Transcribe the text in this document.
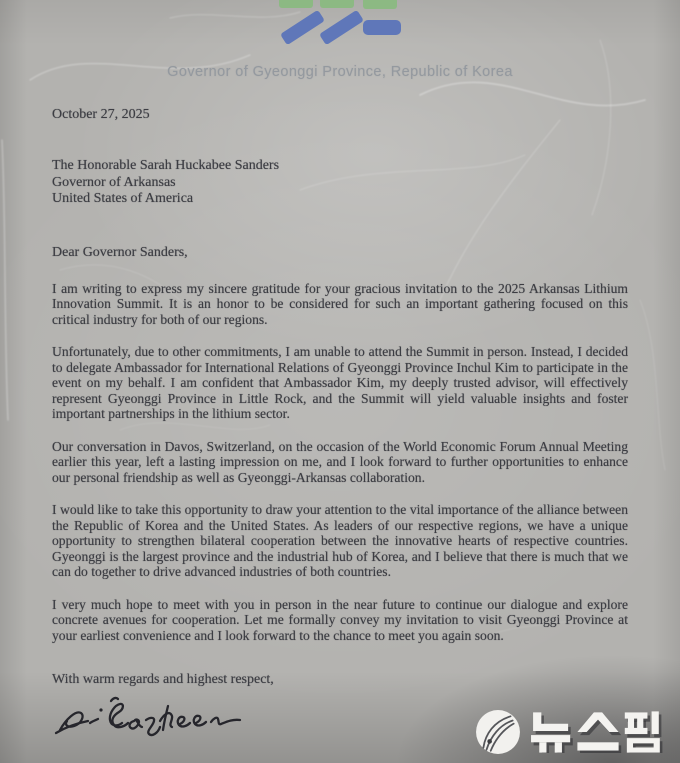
Governor of Gyeonggi Province, Republic of Korea
October 27, 2025
The Honorable Sarah Huckabee Sanders
Governor of Arkansas
United States of America
Dear Governor Sanders,
I am writing to express my sincere gratitude for your gracious invitation to the 2025 Arkansas Lithium Innovation Summit. It is an honor to be considered for such an important gathering focused on this critical industry for both of our regions.
Unfortunately, due to other commitments, I am unable to attend the Summit in person. Instead, I decided to delegate Ambassador for International Relations of Gyeonggi Province Inchul Kim to participate in the event on my behalf. I am confident that Ambassador Kim, my deeply trusted advisor, will effectively represent Gyeonggi Province in Little Rock, and the Summit will yield valuable insights and foster important partnerships in the lithium sector.
Our conversation in Davos, Switzerland, on the occasion of the World Economic Forum Annual Meeting earlier this year, left a lasting impression on me, and I look forward to further opportunities to enhance our personal friendship as well as Gyeonggi-Arkansas collaboration.
I would like to take this opportunity to draw your attention to the vital importance of the alliance between the Republic of Korea and the United States. As leaders of our respective regions, we have a unique opportunity to strengthen bilateral cooperation between the innovative hearts of respective countries. Gyeonggi is the largest province and the industrial hub of Korea, and I believe that there is much that we can do together to drive advanced industries of both countries.
I very much hope to meet with you in person in the near future to continue our dialogue and explore concrete avenues for cooperation. Let me formally convey my invitation to visit Gyeonggi Province at your earliest convenience and I look forward to the chance to meet you again soon.
With warm regards and highest respect,
